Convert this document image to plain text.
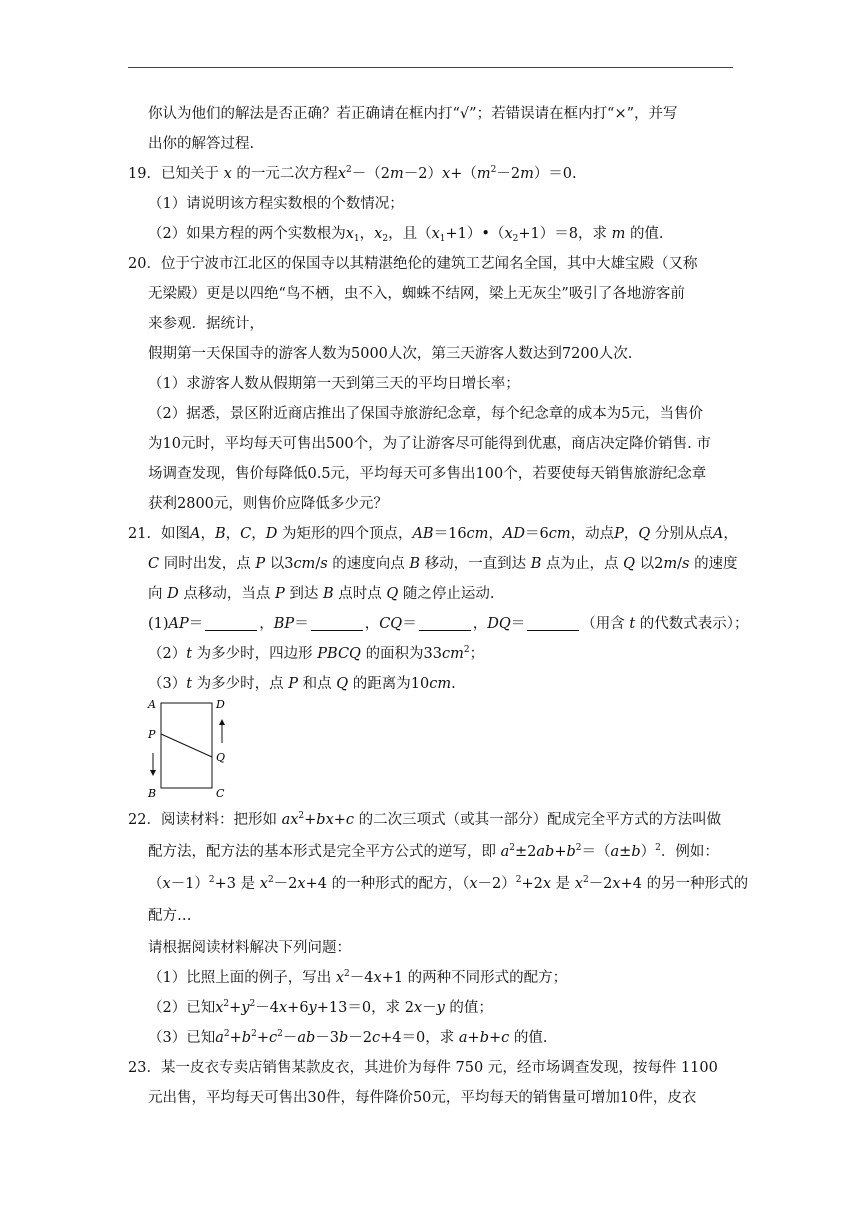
你认为他们的解法是否正确？若正确请在框内打“√”；若错误请在框内打“×”，并写
出你的解答过程.
19．已知关于 x 的一元二次方程$x^2-(2m-2)x+(m^2-2m)=0$.
（1）请说明该方程实数根的个数情况；
（2）如果方程的两个实数根为$x_1$，$x_2$，且$(x_1+1)•(x_2+1)=8$，求 m 的值.
20．位于宁波市江北区的保国寺以其精湛绝伦的建筑工艺闻名全国，其中大雄宝殿（又称
无梁殿）更是以四绝“鸟不栖，虫不入，蜘蛛不结网，梁上无灰尘”吸引了各地游客前
来参观．据统计，
假期第一天保国寺的游客人数为5000人次，第三天游客人数达到7200人次.
（1）求游客人数从假期第一天到第三天的平均日增长率；
（2）据悉，景区附近商店推出了保国寺旅游纪念章，每个纪念章的成本为5元，当售价
为10元时，平均每天可售出500个，为了让游客尽可能得到优惠，商店决定降价销售. 市
场调查发现，售价每降低0.5元，平均每天可多售出100个，若要使每天销售旅游纪念章
获利2800元，则售价应降低多少元？
21．如图A，B，C，D 为矩形的四个顶点，AB＝16cm，AD＝6cm，动点P，Q 分别从点A，
C 同时出发，点 P 以3cm/s 的速度向点 B 移动，一直到达 B 点为止，点 Q 以2m/s 的速度
向 D 点移动，当点 P 到达 B 点时点 Q 随之停止运动.
(1)AP＝	，BP＝	，CQ＝	，DQ＝	（用含 t 的代数式表示）；
（2）t 为多少时，四边形 PBCQ 的面积为$33cm^2$；
（3）t 为多少时，点 P 和点 Q 的距离为10cm.
A	D
P
Q
B	C
22．阅读材料：把形如 $ax^2+bx+c$ 的二次三项式（或其一部分）配成完全平方式的方法叫做
配方法，配方法的基本形式是完全平方公式的逆写，即 $a^2\pm 2ab+b^2=(a\pm b)^2$．例如：
$(x-1)^2+3$ 是 $x^2-2x+4$ 的一种形式的配方，$(x-2)^2+2x$ 是 $x^2-2x+4$ 的另一种形式的
配方…
请根据阅读材料解决下列问题：
（1）比照上面的例子，写出 $x^2-4x+1$ 的两种不同形式的配方；
（2）已知$x^2+y^2-4x+6y+13=0$，求 2x－y 的值；
（3）已知$a^2+b^2+c^2-ab-3b-2c+4=0$，求 a+b+c 的值.
23．某一皮衣专卖店销售某款皮衣，其进价为每件 750 元，经市场调查发现，按每件 1100
元出售，平均每天可售出30件，每件降价50元，平均每天的销售量可增加10件，皮衣
